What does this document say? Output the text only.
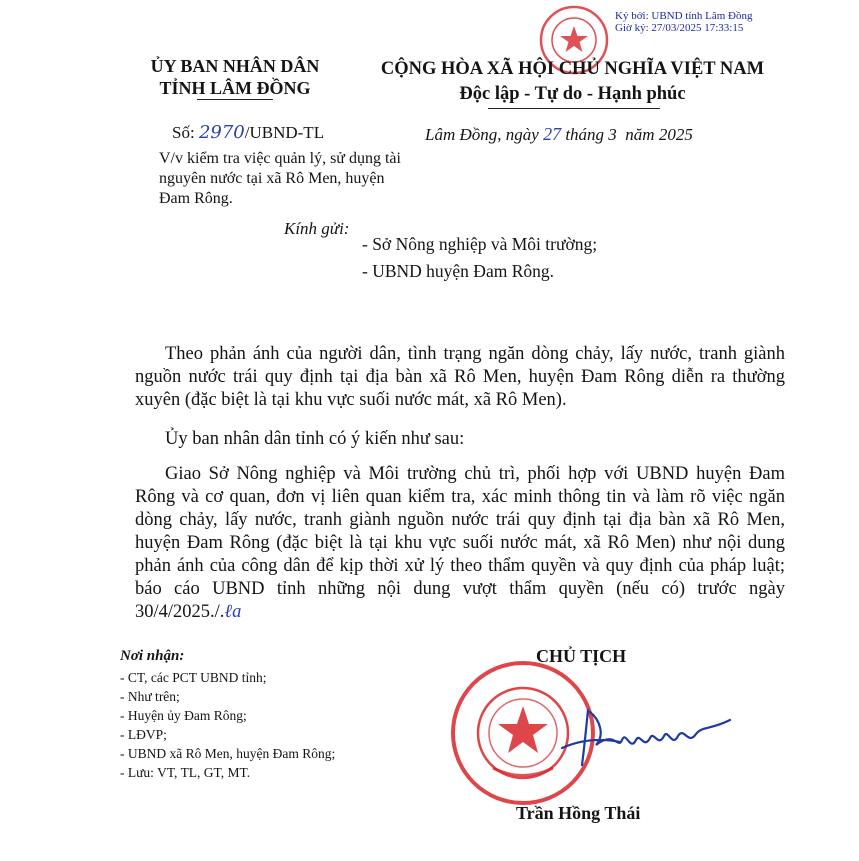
Ký bởi: UBND tỉnh Lâm Đồng
Giờ ký: 27/03/2025 17:33:15
ỦY BAN NHÂN DÂN
TỈNH LÂM ĐỒNG
CỘNG HÒA XÃ HỘI CHỦ NGHĨA VIỆT NAM
Độc lập - Tự do - Hạnh phúc
Số: 2970/UBND-TL	Lâm Đồng, ngày 27 tháng 3  năm 2025
V/v kiểm tra việc quản lý, sử dụng tài nguyên nước tại xã Rô Men, huyện Đam Rông.
Kính gửi:
- Sở Nông nghiệp và Môi trường;
- UBND huyện Đam Rông.
Theo phản ánh của người dân, tình trạng ngăn dòng chảy, lấy nước, tranh giành nguồn nước trái quy định tại địa bàn xã Rô Men, huyện Đam Rông diễn ra thường xuyên (đặc biệt là tại khu vực suối nước mát, xã Rô Men).
Ủy ban nhân dân tỉnh có ý kiến như sau:
Giao Sở Nông nghiệp và Môi trường chủ trì, phối hợp với UBND huyện Đam Rông và cơ quan, đơn vị liên quan kiểm tra, xác minh thông tin và làm rõ việc ngăn dòng chảy, lấy nước, tranh giành nguồn nước trái quy định tại địa bàn xã Rô Men, huyện Đam Rông (đặc biệt là tại khu vực suối nước mát, xã Rô Men) như nội dung phản ánh của công dân để kịp thời xử lý theo thẩm quyền và quy định của pháp luật; báo cáo UBND tỉnh những nội dung vượt thẩm quyền (nếu có) trước ngày 30/4/2025./.ℓa
Nơi nhận:
- CT, các PCT UBND tỉnh;
- Như trên;
- Huyện ủy Đam Rông;
- LĐVP;
- UBND xã Rô Men, huyện Đam Rông;
- Lưu: VT, TL, GT, MT.
CHỦ TỊCH
Trần Hồng Thái
